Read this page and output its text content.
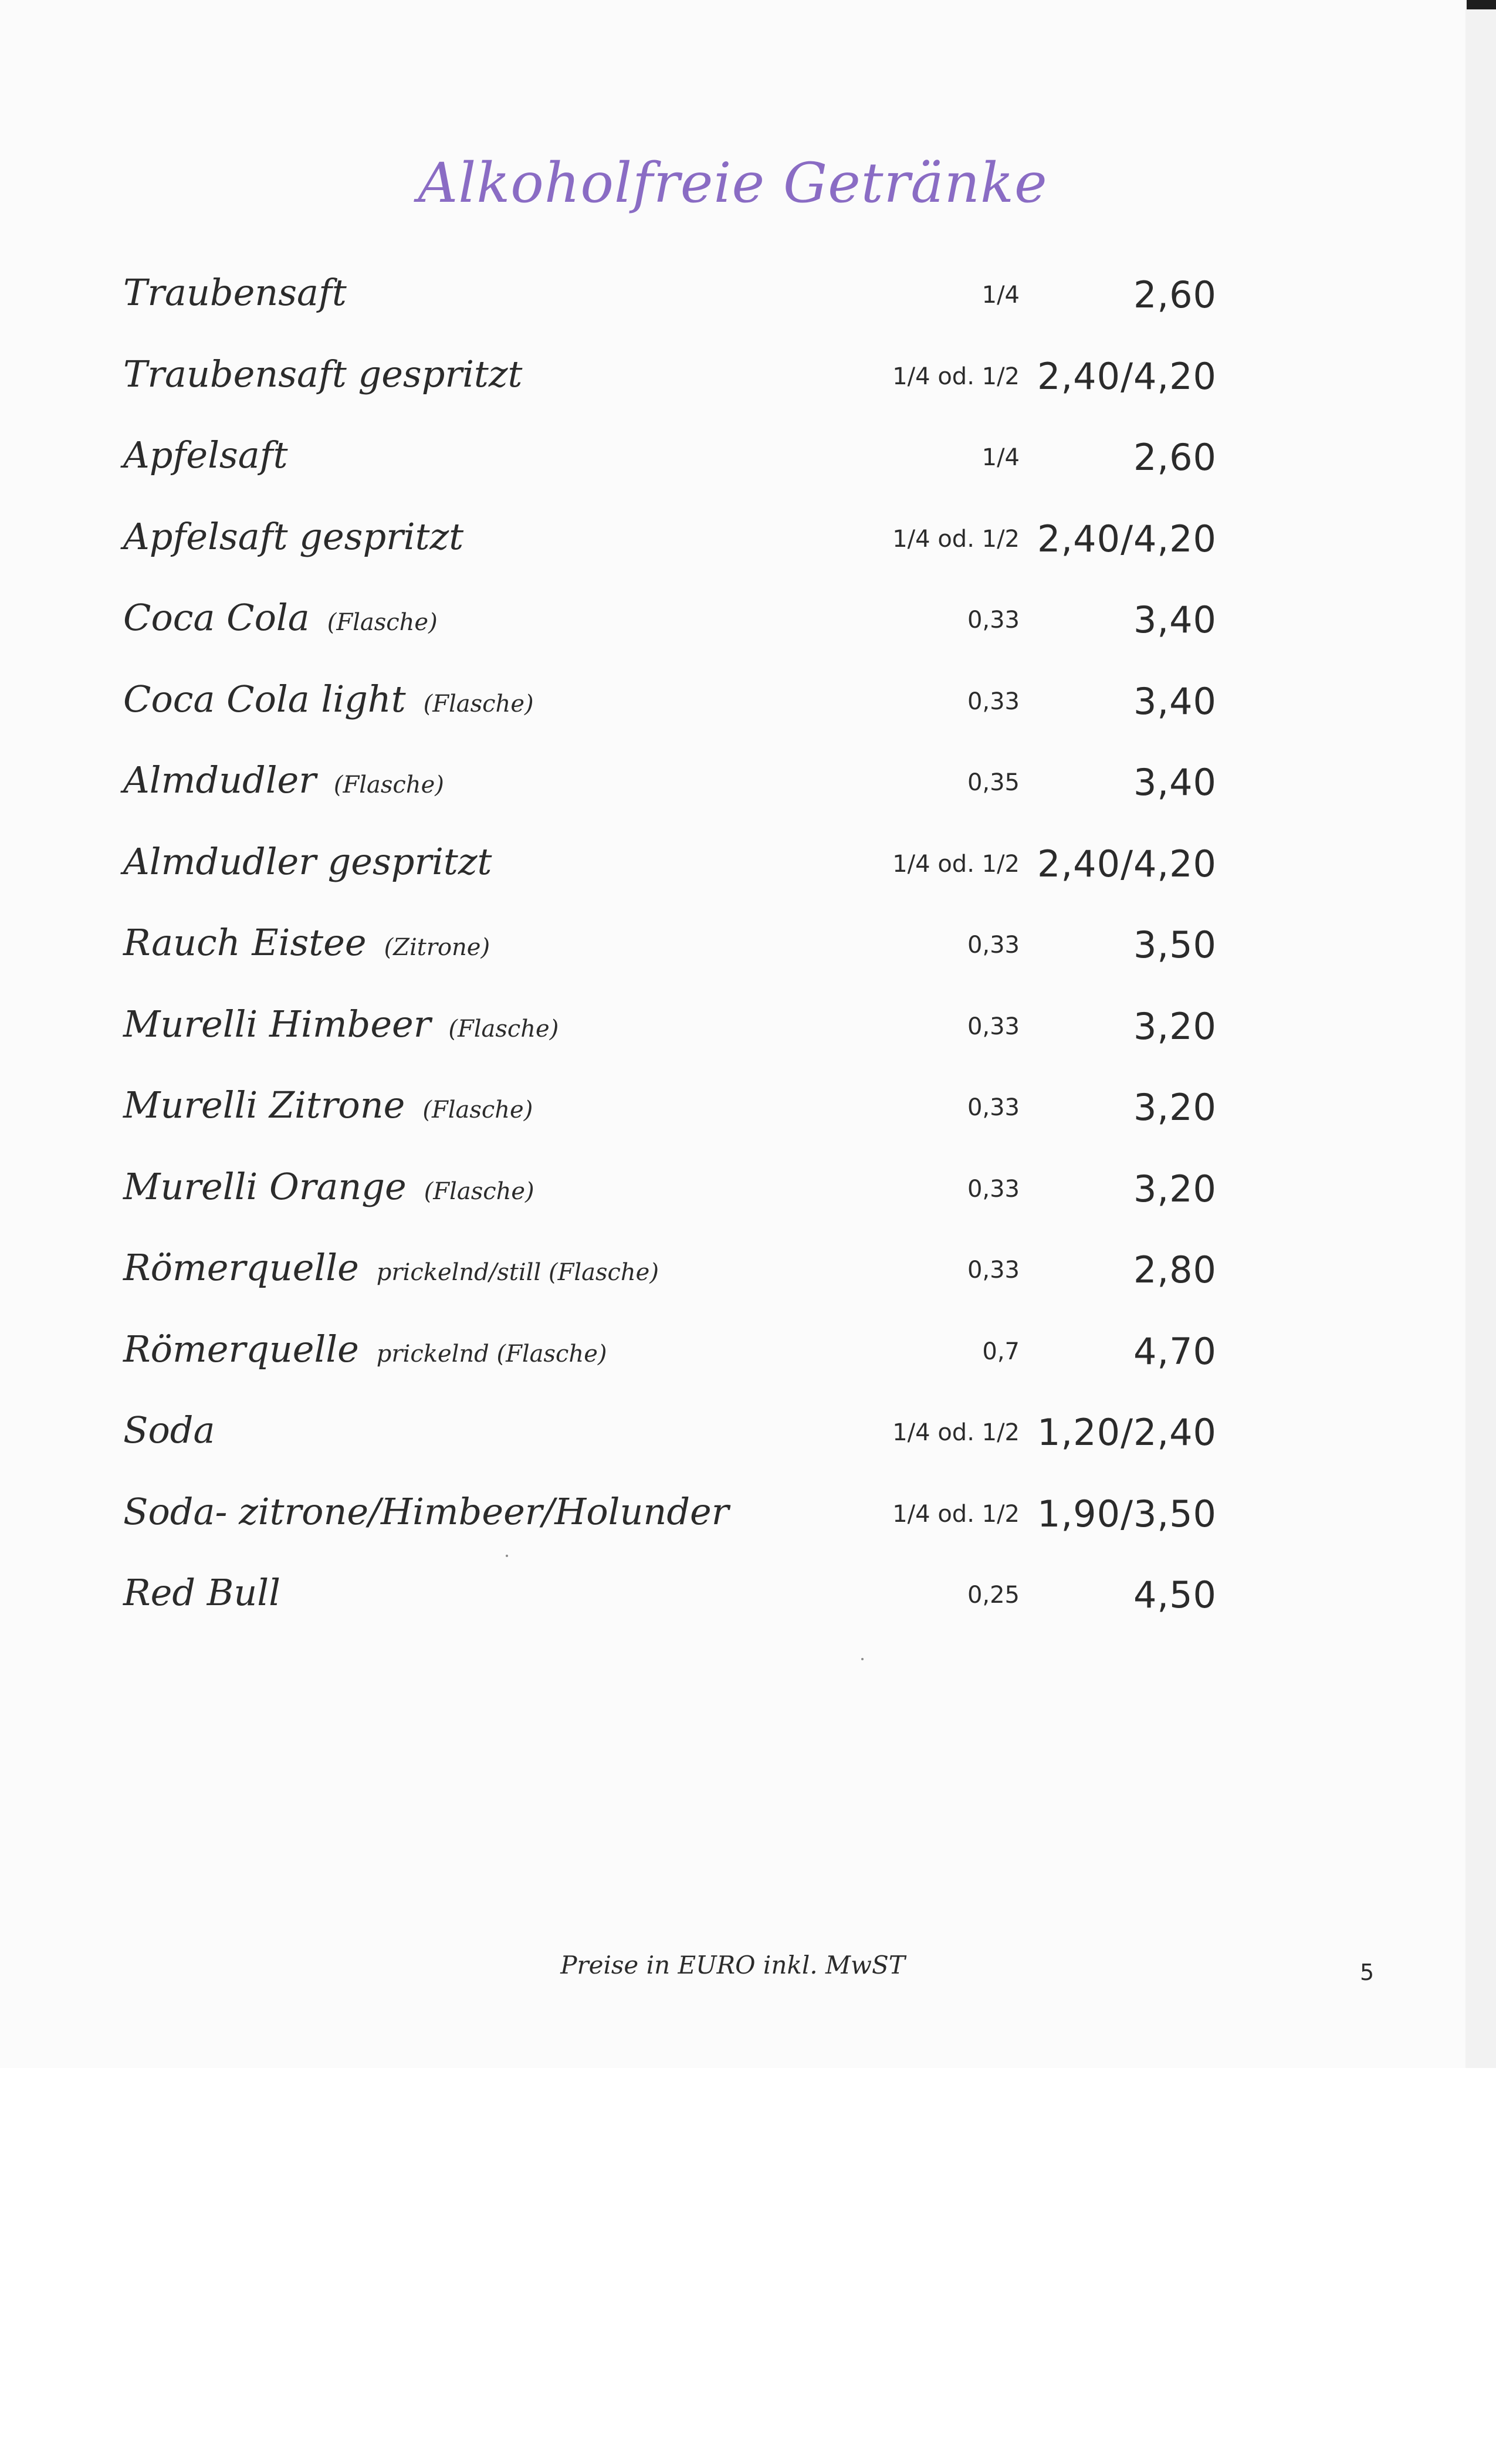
Alkoholfreie Getränke
Traubensaft	1/4	2,60
Traubensaft gespritzt	1/4 od. 1/2 2,40/4,20
Apfelsaft	1/4	2,60
Apfelsaft gespritzt	1/4 od. 1/2 2,40/4,20
Coca Cola (Flasche)	0,33	3,40
Coca Cola light (Flasche)	0,33	3,40
Almdudler (Flasche)	0,35	3,40
Almdudler gespritzt	1/4 od. 1/2 2,40/4,20
Rauch Eistee (Zitrone)	0,33	3,50
Murelli Himbeer (Flasche)	0,33	3,20
Murelli Zitrone (Flasche)	0,33	3,20
Murelli Orange (Flasche)	0,33	3,20
Römerquelle prickelnd/still (Flasche)	0,33	2,80
Römerquelle prickelnd (Flasche)	0,7	4,70
Soda	1/4 od. 1/2 1,20/2,40
Soda- zitrone/Himbeer/Holunder	1/4 od. 1/2 1,90/3,50
Red Bull	0,25	4,50
Preise in EURO inkl. MwST	5
